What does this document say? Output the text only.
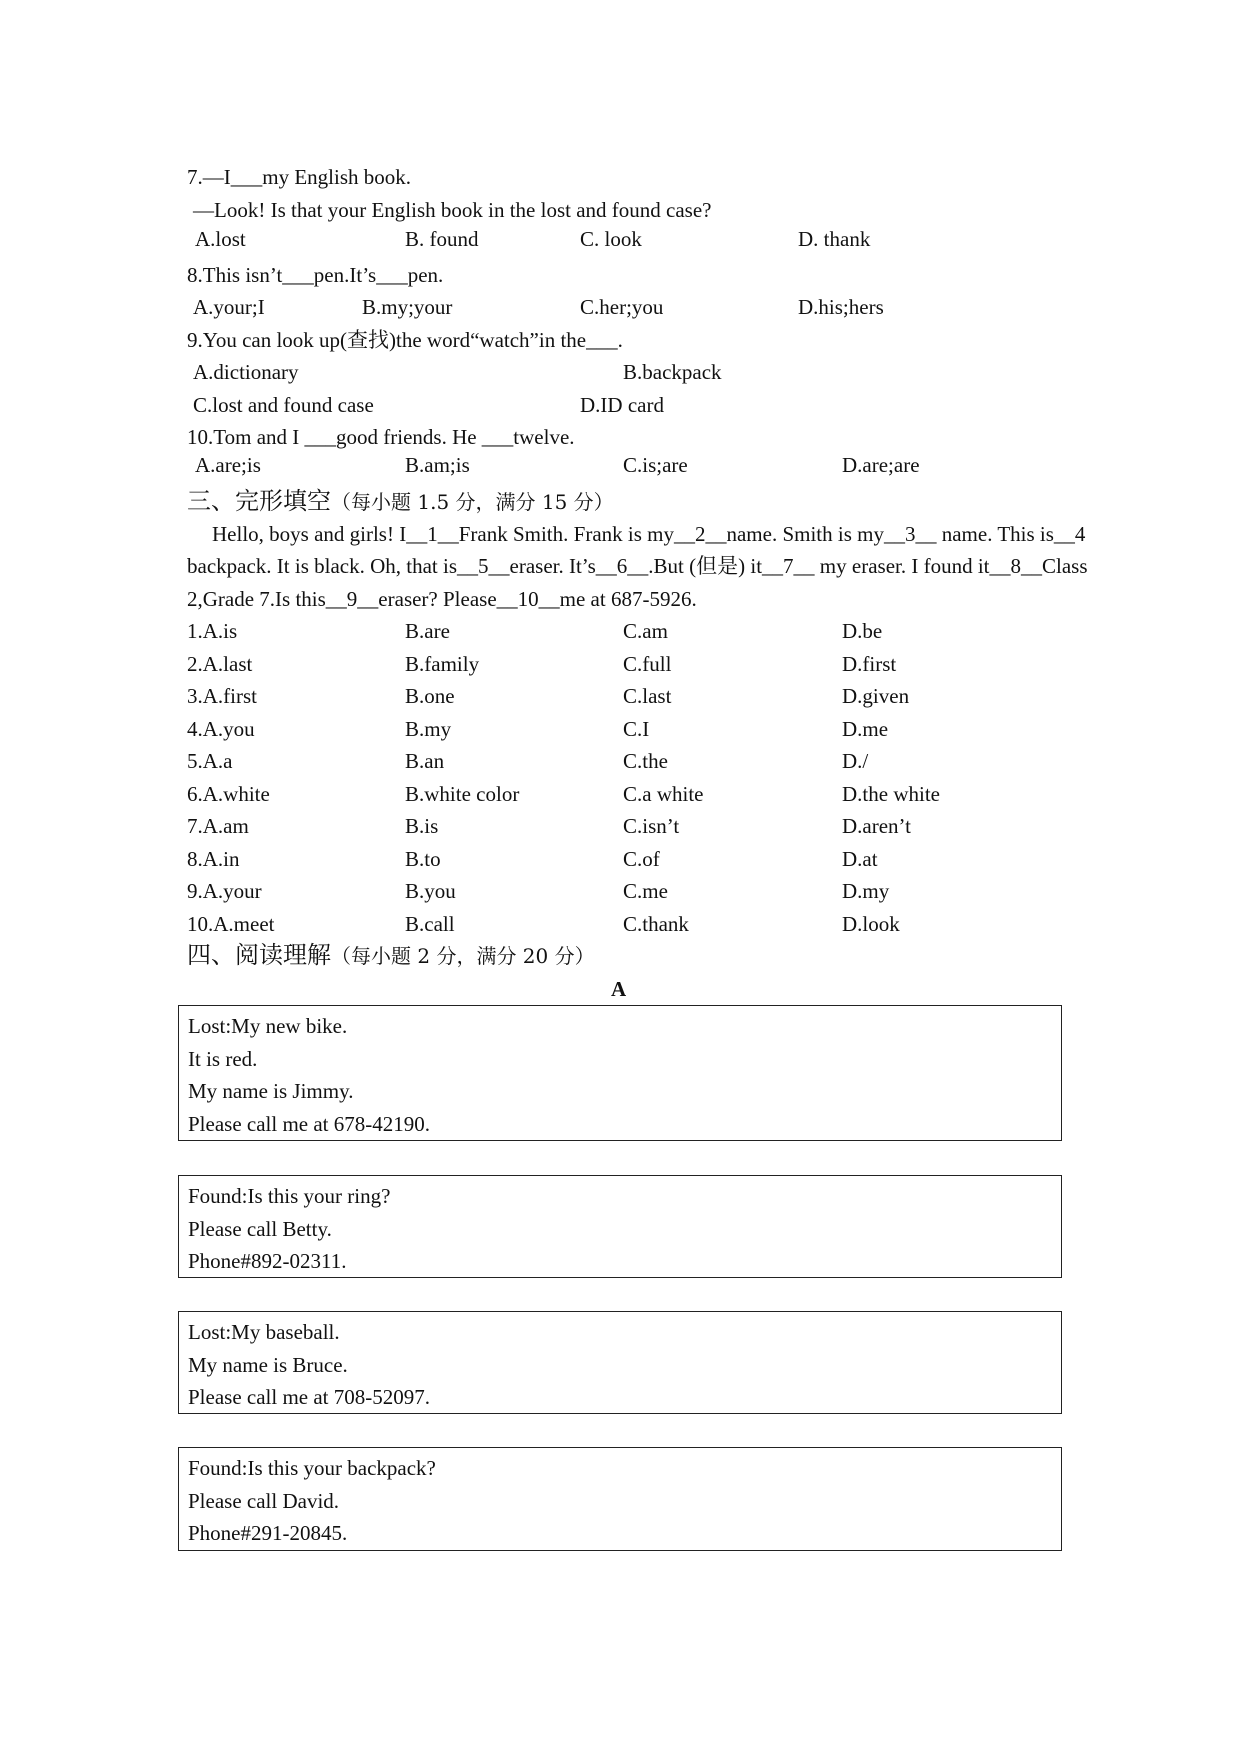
7.—I___my English book.
—Look! Is that your English book in the lost and found case?
A.lost	B. found	C. look	D. thank
8.This isn’t___pen.It’s___pen.
A.your;I	B.my;your	C.her;you	D.his;hers
9.You can look up(查找)the word“watch”in the___.
A.dictionary	B.backpack
C.lost and found case	D.ID card
10.Tom and I ___good friends. He ___twelve.
A.are;is	B.am;is	C.is;are	D.are;are
三、完形填空（每小题 1.5 分，满分 15 分）
Hello, boys and girls! I__1__Frank Smith. Frank is my__2__name. Smith is my__3__ name. This is__4
backpack. It is black. Oh, that is__5__eraser. It’s__6__.But (但是) it__7__ my eraser. I found it__8__Class
2,Grade 7.Is this__9__eraser? Please__10__me at 687-5926.
1.A.is	B.are	C.am	D.be
2.A.last	B.family	C.full	D.first
3.A.first	B.one	C.last	D.given
4.A.you	B.my	C.I	D.me
5.A.a	B.an	C.the	D./
6.A.white	B.white color	C.a white	D.the white
7.A.am	B.is	C.isn’t	D.aren’t
8.A.in	B.to	C.of	D.at
9.A.your	B.you	C.me	D.my
10.A.meet	B.call	C.thank	D.look
四、阅读理解（每小题 2 分，满分 20 分）
A
Lost:My new bike.
It is red.
My name is Jimmy.
Please call me at 678-42190.
Found:Is this your ring?
Please call Betty.
Phone#892-02311.
Lost:My baseball.
My name is Bruce.
Please call me at 708-52097.
Found:Is this your backpack?
Please call David.
Phone#291-20845.
